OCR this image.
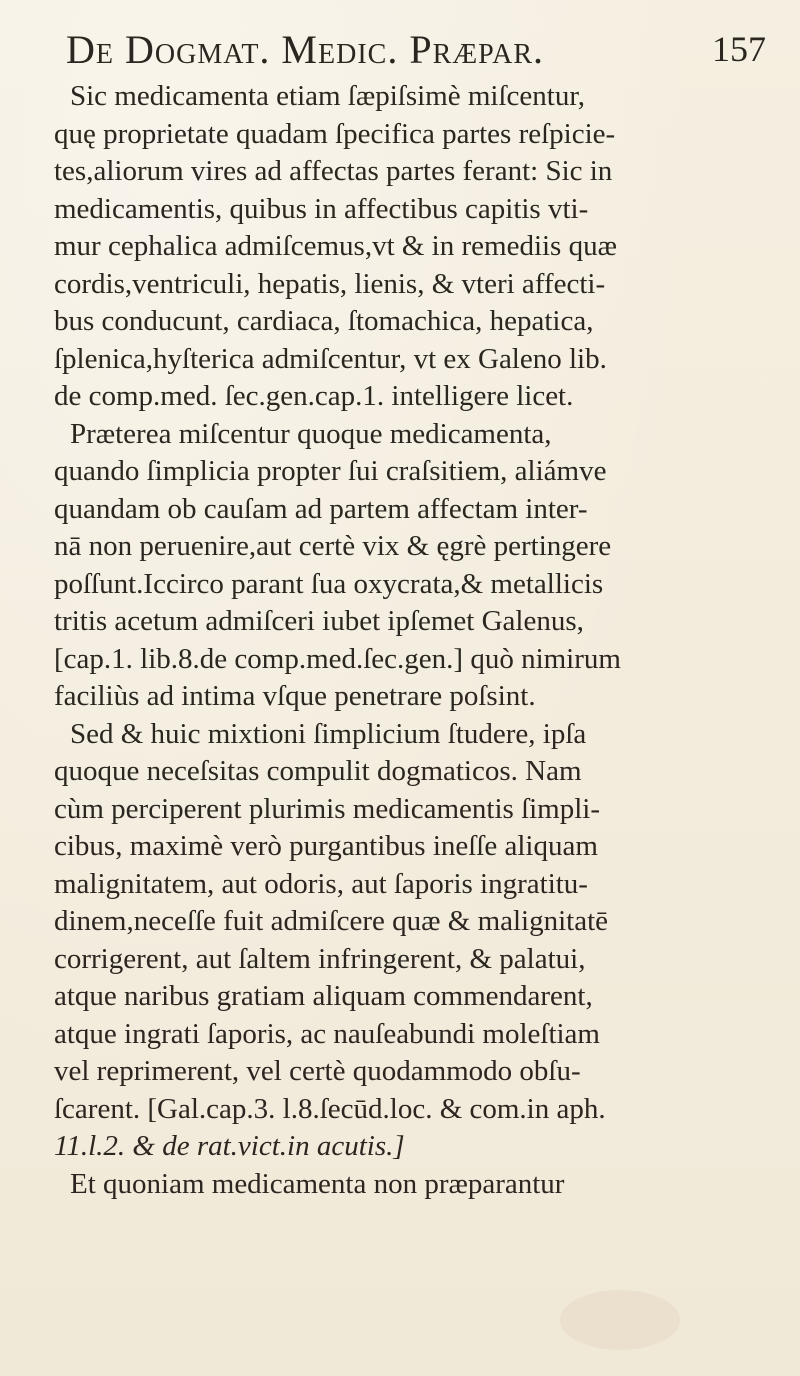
De Dogmat. Medic. Præpar.	157
Sic medicamenta etiam ſæpiſsimè miſcentur,
quę proprietate quadam ſpecifica partes reſpicie-
tes,aliorum vires ad affectas partes ferant: Sic in
medicamentis, quibus in affectibus capitis vti-
mur cephalica admiſcemus,vt & in remediis quæ
cordis,ventriculi, hepatis, lienis, & vteri affecti-
bus conducunt, cardiaca, ſtomachica, hepatica,
ſplenica,hyſterica admiſcentur, vt ex Galeno lib.
de comp.med. ſec.gen.cap.1. intelligere licet.
Præterea miſcentur quoque medicamenta,
quando ſimplicia propter ſui craſsitiem, aliámve
quandam ob cauſam ad partem affectam inter-
nā non peruenire,aut certè vix & ęgrè pertingere
poſſunt.Iccirco parant ſua oxycrata,& metallicis
tritis acetum admiſceri iubet ipſemet Galenus,
[cap.1. lib.8.de comp.med.ſec.gen.] quò nimirum
faciliùs ad intima vſque penetrare poſsint.
Sed & huic mixtioni ſimplicium ſtudere, ipſa
quoque neceſsitas compulit dogmaticos. Nam
cùm perciperent plurimis medicamentis ſimpli-
cibus, maximè verò purgantibus ineſſe aliquam
malignitatem, aut odoris, aut ſaporis ingratitu-
dinem,neceſſe fuit admiſcere quæ & malignitatē
corrigerent, aut ſaltem infringerent, & palatui,
atque naribus gratiam aliquam commendarent,
atque ingrati ſaporis, ac nauſeabundi moleſtiam
vel reprimerent, vel certè quodammodo obſu-
ſcarent. [Gal.cap.3. l.8.ſecūd.loc. & com.in aph.
11.l.2. & de rat.vict.in acutis.]
Et quoniam medicamenta non præparantur
